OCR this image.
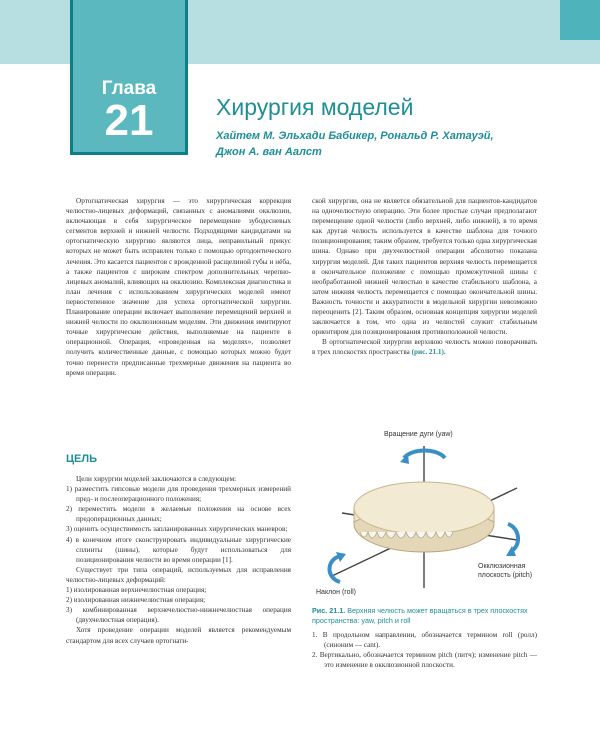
Глава
21	Хирургия моделей
Хайтем М. Эльхади Бабикер, Рональд Р. Хатауэй, Джон А. ван Аалст

Ортогнатическая хирургия — это хирургическая коррекция челюстно-лицевых деформаций, связанных с аномалиями окклюзии, включающая в себя хирургическое перемещение зубодесневых сегментов верхней и нижней челюсти. Подходящими кандидатами на ортогнатическую хирургию являются лица, неправильный прикус которых не может быть исправлен только с помощью ортодонтического лечения. Это касается пациентов с врожденной расщелиной губы и нёба, а также пациентов с широким спектром дополнительных черепно-лицевых аномалий, влияющих на окклюзию. Комплексная диагностика и план лечения с использованием хирургических моделей имеют первостепенное значение для успеха ортогнатической хирургии. Планирование операции включает выполнение перемещений верхней и нижней челюсти по окклюзионным моделям. Эти движения имитируют точные хирургические действия, выполняемые на пациенте в операционной. Операция, «проведенная на моделях», позволяет получить количественные данные, с помощью которых можно будет точно перенести предписанные трехмерные движения на пациента во время операции.

ЦЕЛЬ

Цели хирургии моделей заключаются в следующем:

1) разместить гипсовые модели для проведения трехмерных измерений пред- и послеоперационного положения;
2) переместить модели в желаемые положения на основе всех предоперационных данных;
3) оценить осуществимость запланированных хирургических маневров;
4) в конечном итоге сконструировать индивидуальные хирургические сплинты (шины), которые будут использоваться для позиционирования челюсти во время операции [1].

Существует три типа операций, используемых для исправления челюстно-лицевых деформаций:

1) изолированная верхнечелюстная операция;
2) изолированная нижнечелюстная операция;
3) комбинированная верхнечелюстно-нижнечелюстная операция (двухчелюстная операция).

Хотя проведение операции моделей является рекомендуемым стандартом для всех случаев ортогнати-

ской хирургии, она не является обязательной для пациентов-кандидатов на одночелюстную операцию. Эти более простые случаи предполагают перемещение одной челюсти (либо верхней, либо нижней), в то время как другая челюсть используется в качестве шаблона для точного позиционирования; таким образом, требуется только одна хирургическая шина. Однако при двухчелюстной операции абсолютно показана хирургия моделей. Для таких пациентов верхняя челюсть перемещается в окончательное положение с помощью промежуточной шины с необработанной нижней челюстью в качестве стабильного шаблона, а затем нижняя челюсть перемещается с помощью окончательной шины. Важность точности и аккуратности в модельной хирургии невозможно переоценить [2]. Таким образом, основная концепция хирургии моделей заключается в том, что одна из челюстей служит стабильным ориентиром для позиционирования противоположной челюсти.

В ортогнатической хирургии верхнюю челюсть можно поворачивать в трех плоскостях пространства (рис. 21.1).

Вращение дуги (yaw)
Окклюзионная плоскость (pitch)
Наклон (roll)
Рис. 21.1. Верхняя челюсть может вращаться в трех плоскостях пространства: yaw, pitch и roll
1. В продольном направлении, обозначается термином roll (ролл) (синоним — cant).
2. Вертикально, обозначается термином pitch (питч); изменение pitch — это изменение в окклюзионной плоскости.
